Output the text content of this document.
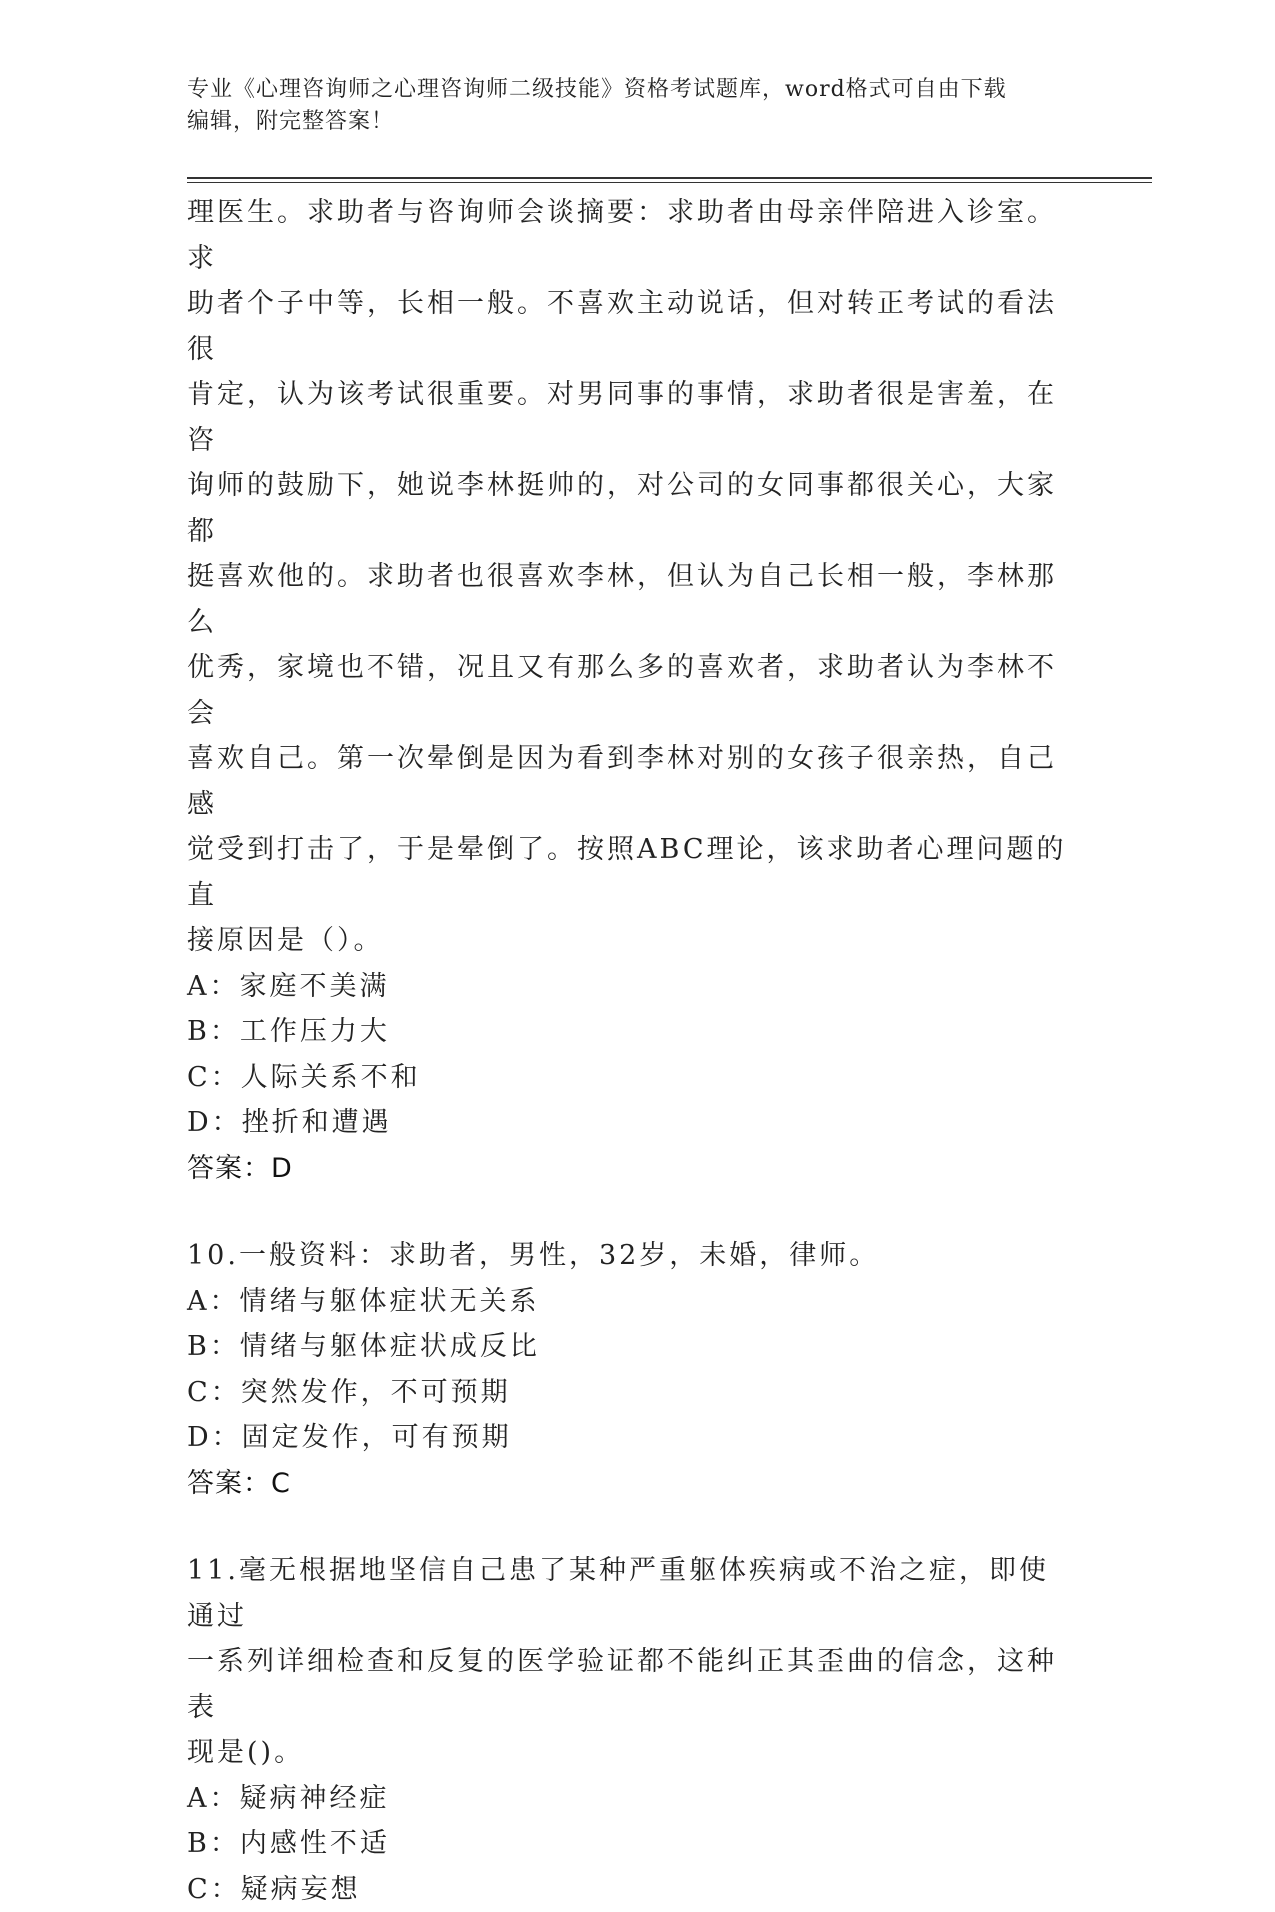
专业《心理咨询师之心理咨询师二级技能》资格考试题库，word格式可自由下载
编辑，附完整答案！

理医生。求助者与咨询师会谈摘要：求助者由母亲伴陪进入诊室。求

助者个子中等，长相一般。不喜欢主动说话，但对转正考试的看法很

肯定，认为该考试很重要。对男同事的事情，求助者很是害羞，在咨

询师的鼓励下，她说李林挺帅的，对公司的女同事都很关心，大家都

挺喜欢他的。求助者也很喜欢李林，但认为自己长相一般，李林那么

优秀，家境也不错，况且又有那么多的喜欢者，求助者认为李林不会

喜欢自己。第一次晕倒是因为看到李林对别的女孩子很亲热，自己感

觉受到打击了，于是晕倒了。按照ABC理论，该求助者心理问题的直

接原因是（）。

A：家庭不美满

B：工作压力大

C：人际关系不和

D：挫折和遭遇

答案：D

10.一般资料：求助者，男性，32岁，未婚，律师。

A：情绪与躯体症状无关系

B：情绪与躯体症状成反比

C：突然发作，不可预期

D：固定发作，可有预期

答案：C

11.毫无根据地坚信自己患了某种严重躯体疾病或不治之症，即使通过

一系列详细检查和反复的医学验证都不能纠正其歪曲的信念，这种表

现是()。

A：疑病神经症

B：内感性不适

C：疑病妄想
